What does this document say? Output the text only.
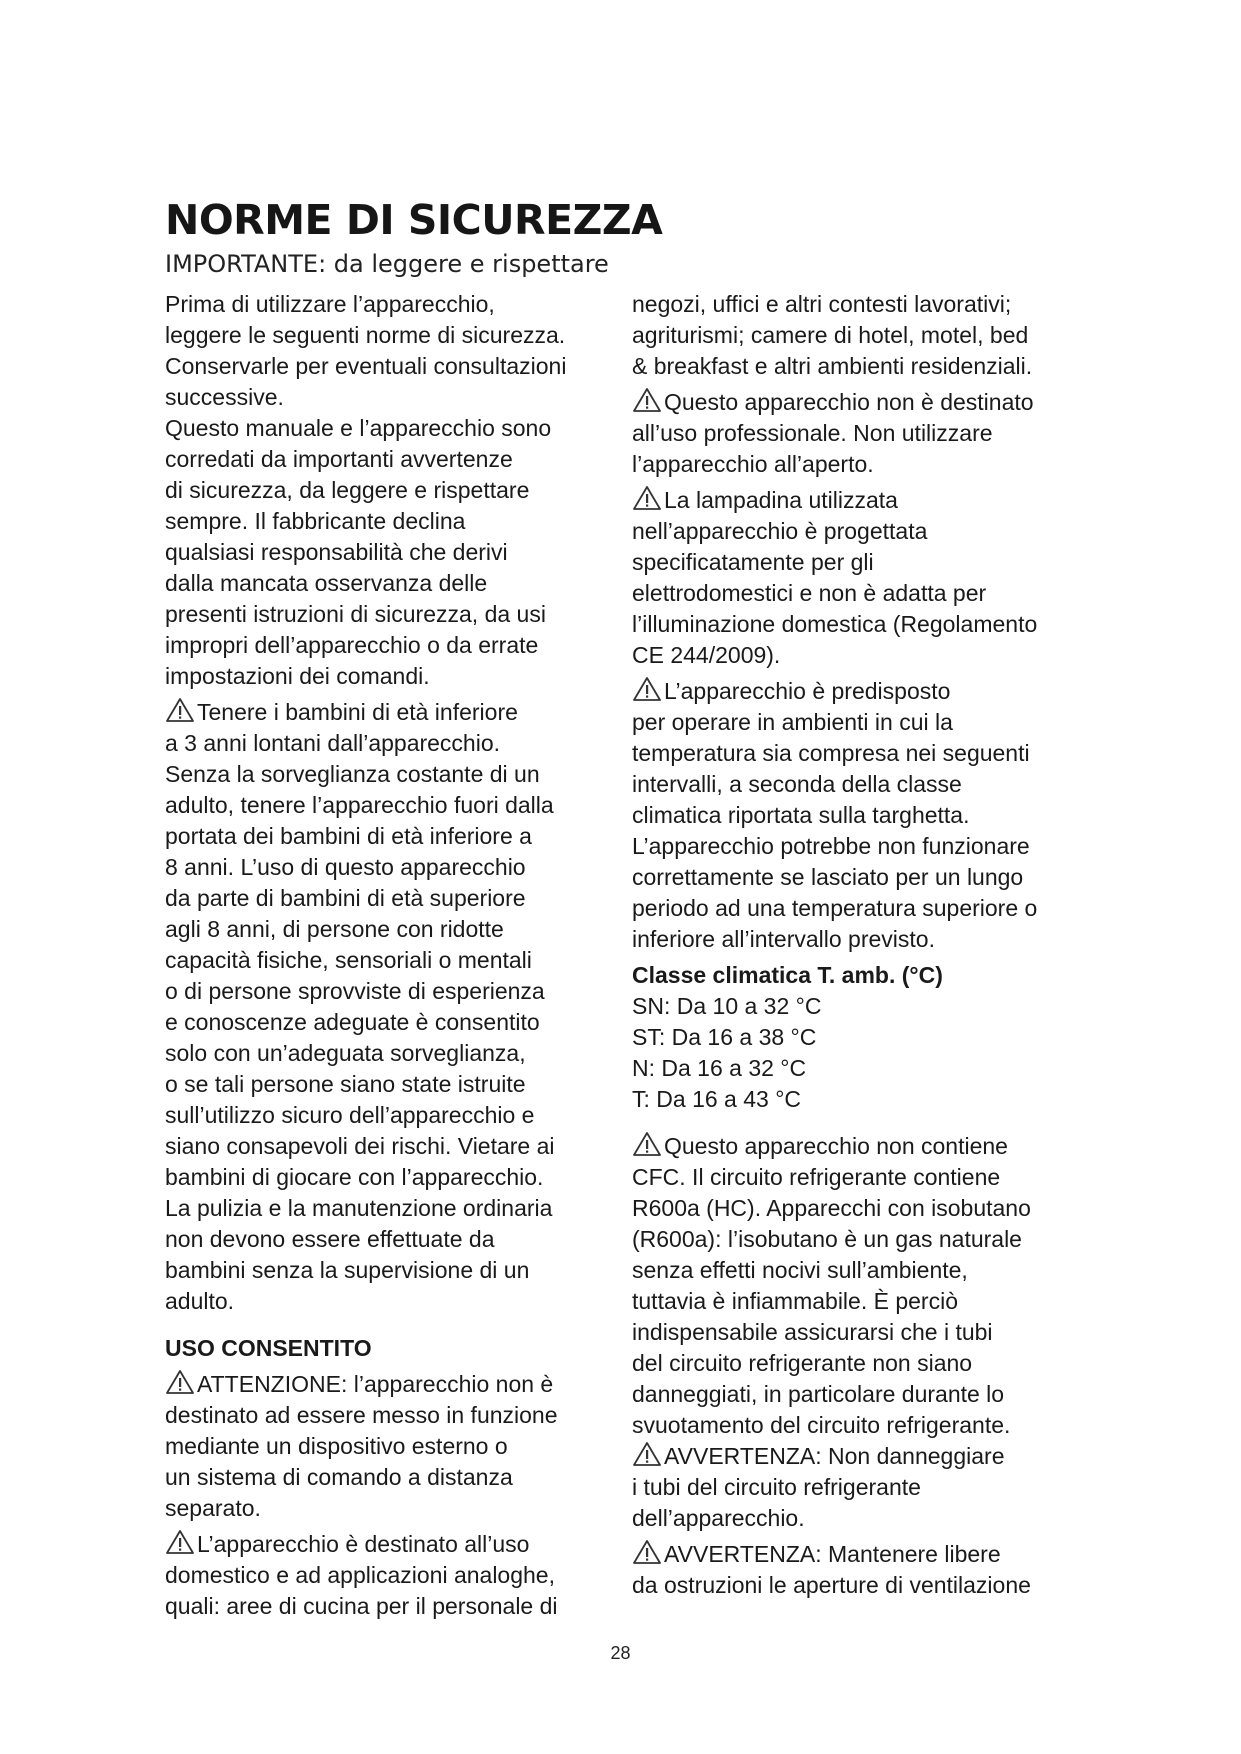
NORME DI SICUREZZA
IMPORTANTE: da leggere e rispettare

Prima di utilizzare l’apparecchio,
leggere le seguenti norme di sicurezza.
Conservarle per eventuali consultazioni
successive.

Questo manuale e l’apparecchio sono
corredati da importanti avvertenze
di sicurezza, da leggere e rispettare
sempre. Il fabbricante declina
qualsiasi responsabilità che derivi
dalla mancata osservanza delle
presenti istruzioni di sicurezza, da usi
impropri dell’apparecchio o da errate
impostazioni dei comandi.

Tenere i bambini di età inferiore
a 3 anni lontani dall’apparecchio.
Senza la sorveglianza costante di un
adulto, tenere l’apparecchio fuori dalla
portata dei bambini di età inferiore a
8 anni. L’uso di questo apparecchio
da parte di bambini di età superiore
agli 8 anni, di persone con ridotte
capacità fisiche, sensoriali o mentali
o di persone sprovviste di esperienza
e conoscenze adeguate è consentito
solo con un’adeguata sorveglianza,
o se tali persone siano state istruite
sull’utilizzo sicuro dell’apparecchio e
siano consapevoli dei rischi. Vietare ai
bambini di giocare con l’apparecchio.
La pulizia e la manutenzione ordinaria
non devono essere effettuate da
bambini senza la supervisione di un
adulto.

USO CONSENTITO

ATTENZIONE: l’apparecchio non è
destinato ad essere messo in funzione
mediante un dispositivo esterno o
un sistema di comando a distanza
separato.

L’apparecchio è destinato all’uso
domestico e ad applicazioni analoghe,
quali: aree di cucina per il personale di

negozi, uffici e altri contesti lavorativi;
agriturismi; camere di hotel, motel, bed
& breakfast e altri ambienti residenziali.

Questo apparecchio non è destinato
all’uso professionale. Non utilizzare
l’apparecchio all’aperto.

La lampadina utilizzata
nell’apparecchio è progettata
specificatamente per gli
elettrodomestici e non è adatta per
l’illuminazione domestica (Regolamento
CE 244/2009).

L’apparecchio è predisposto
per operare in ambienti in cui la
temperatura sia compresa nei seguenti
intervalli, a seconda della classe
climatica riportata sulla targhetta.
L’apparecchio potrebbe non funzionare
correttamente se lasciato per un lungo
periodo ad una temperatura superiore o
inferiore all’intervallo previsto.

Classe climatica T. amb. (°C)

SN: Da 10 a 32 °C
ST: Da 16 a 38 °C
N: Da 16 a 32 °C
T: Da 16 a 43 °C

Questo apparecchio non contiene
CFC. Il circuito refrigerante contiene
R600a (HC). Apparecchi con isobutano
(R600a): l’isobutano è un gas naturale
senza effetti nocivi sull’ambiente,
tuttavia è infiammabile. È perciò
indispensabile assicurarsi che i tubi
del circuito refrigerante non siano
danneggiati, in particolare durante lo
svuotamento del circuito refrigerante.

AVVERTENZA: Non danneggiare
i tubi del circuito refrigerante
dell’apparecchio.

AVVERTENZA: Mantenere libere
da ostruzioni le aperture di ventilazione

28
